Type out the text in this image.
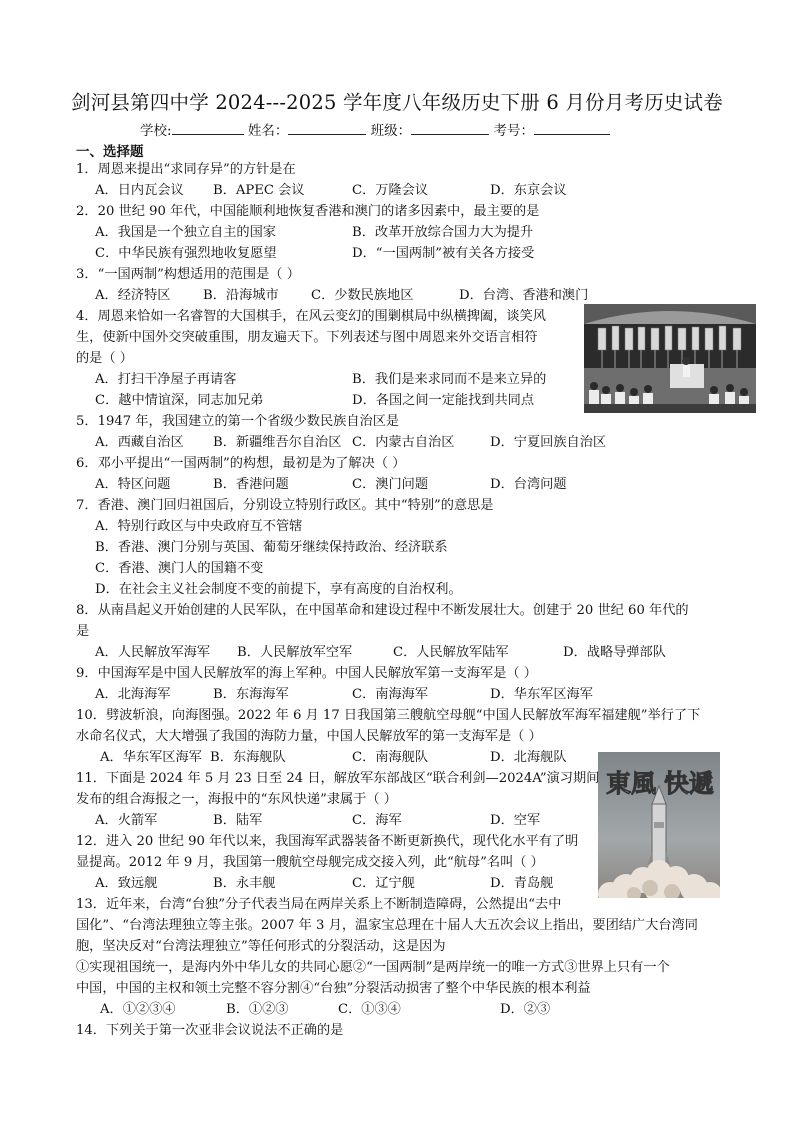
剑河县第四中学 2024---2025 学年度八年级历史下册 6 月份月考历史试卷
学校:	姓名：	班级：	考号：
一、选择题
1．周恩来提出“求同存异”的方针是在
A．日内瓦会议 B．APEC 会议	C．万隆会议	D．东京会议
2．20 世纪 90 年代，中国能顺利地恢复香港和澳门的诸多因素中，最主要的是
A．我国是一个独立自主的国家	B．改革开放综合国力大为提升
C．中华民族有强烈地收复愿望	D．“一国两制”被有关各方接受
3．“一国两制”构想适用的范围是（ ）
A．经济特区 B．沿海城市 C．少数民族地区	D．台湾、香港和澳门
4．周恩来恰如一名睿智的大国棋手，在风云变幻的围剿棋局中纵横捭阖，谈笑风
生，使新中国外交突破重围，朋友遍天下。下列表述与图中周恩来外交语言相符
的是（ ）
A．打扫干净屋子再请客	B．我们是来求同而不是来立异的
C．越中情谊深，同志加兄弟	D．各国之间一定能找到共同点
5．1947 年，我国建立的第一个省级少数民族自治区是
A．西藏自治区 B．新疆维吾尔自治区 C．内蒙古自治区	D．宁夏回族自治区
6．邓小平提出“一国两制”的构想，最初是为了解决（ ）
A．特区问题	B．香港问题	C．澳门问题	D．台湾问题
7．香港、澳门回归祖国后，分别设立特别行政区。其中“特别”的意思是
A．特别行政区与中央政府互不管辖
B．香港、澳门分别与英国、葡萄牙继续保持政治、经济联系
C．香港、澳门人的国籍不变
D．在社会主义社会制度不变的前提下，享有高度的自治权利。
8．从南昌起义开始创建的人民军队，在中国革命和建设过程中不断发展壮大。创建于 20 世纪 60 年代的
是
A．人民解放军海军 B．人民解放军空军	C．人民解放军陆军	D．战略导弹部队
9．中国海军是中国人民解放军的海上军种。中国人民解放军第一支海军是（ ）
A．北海海军	B．东海海军	C．南海海军	D．华东军区海军
10．劈波斩浪，向海图强。2022 年 6 月 17 日我国第三艘航空母舰“中国人民解放军海军福建舰”举行了下
水命名仪式，大大增强了我国的海防力量，中国人民解放军的第一支海军是（ ）
A．华东军区海军 B．东海舰队	C．南海舰队	D．北海舰队
東風 快遞
11．下面是 2024 年 5 月 23 日至 24 日，解放军东部战区“联合利剑—2024A”演习期间
发布的组合海报之一，海报中的“东风快递”隶属于（ ）
A．火箭军	B．陆军	C．海军	D．空军
12．进入 20 世纪 90 年代以来，我国海军武器装备不断更新换代，现代化水平有了明
显提高。2012 年 9 月，我国第一艘航空母舰完成交接入列，此“航母”名叫（ ）
A．致远舰	B．永丰舰	C．辽宁舰	D．青岛舰
13．近年来，台湾“台独”分子代表当局在两岸关系上不断制造障碍，公然提出“去中
国化”、“台湾法理独立等主张。2007 年 3 月，温家宝总理在十届人大五次会议上指出，要团结广大台湾同
胞，坚决反对“台湾法理独立”等任何形式的分裂活动，这是因为
①实现祖国统一，是海内外中华儿女的共同心愿②“一国两制”是两岸统一的唯一方式③世界上只有一个
中国，中国的主权和领土完整不容分割④“台独”分裂活动损害了整个中华民族的根本利益
A．①②③④	B．①②③	C．①③④	D．②③
14．下列关于第一次亚非会议说法不正确的是
